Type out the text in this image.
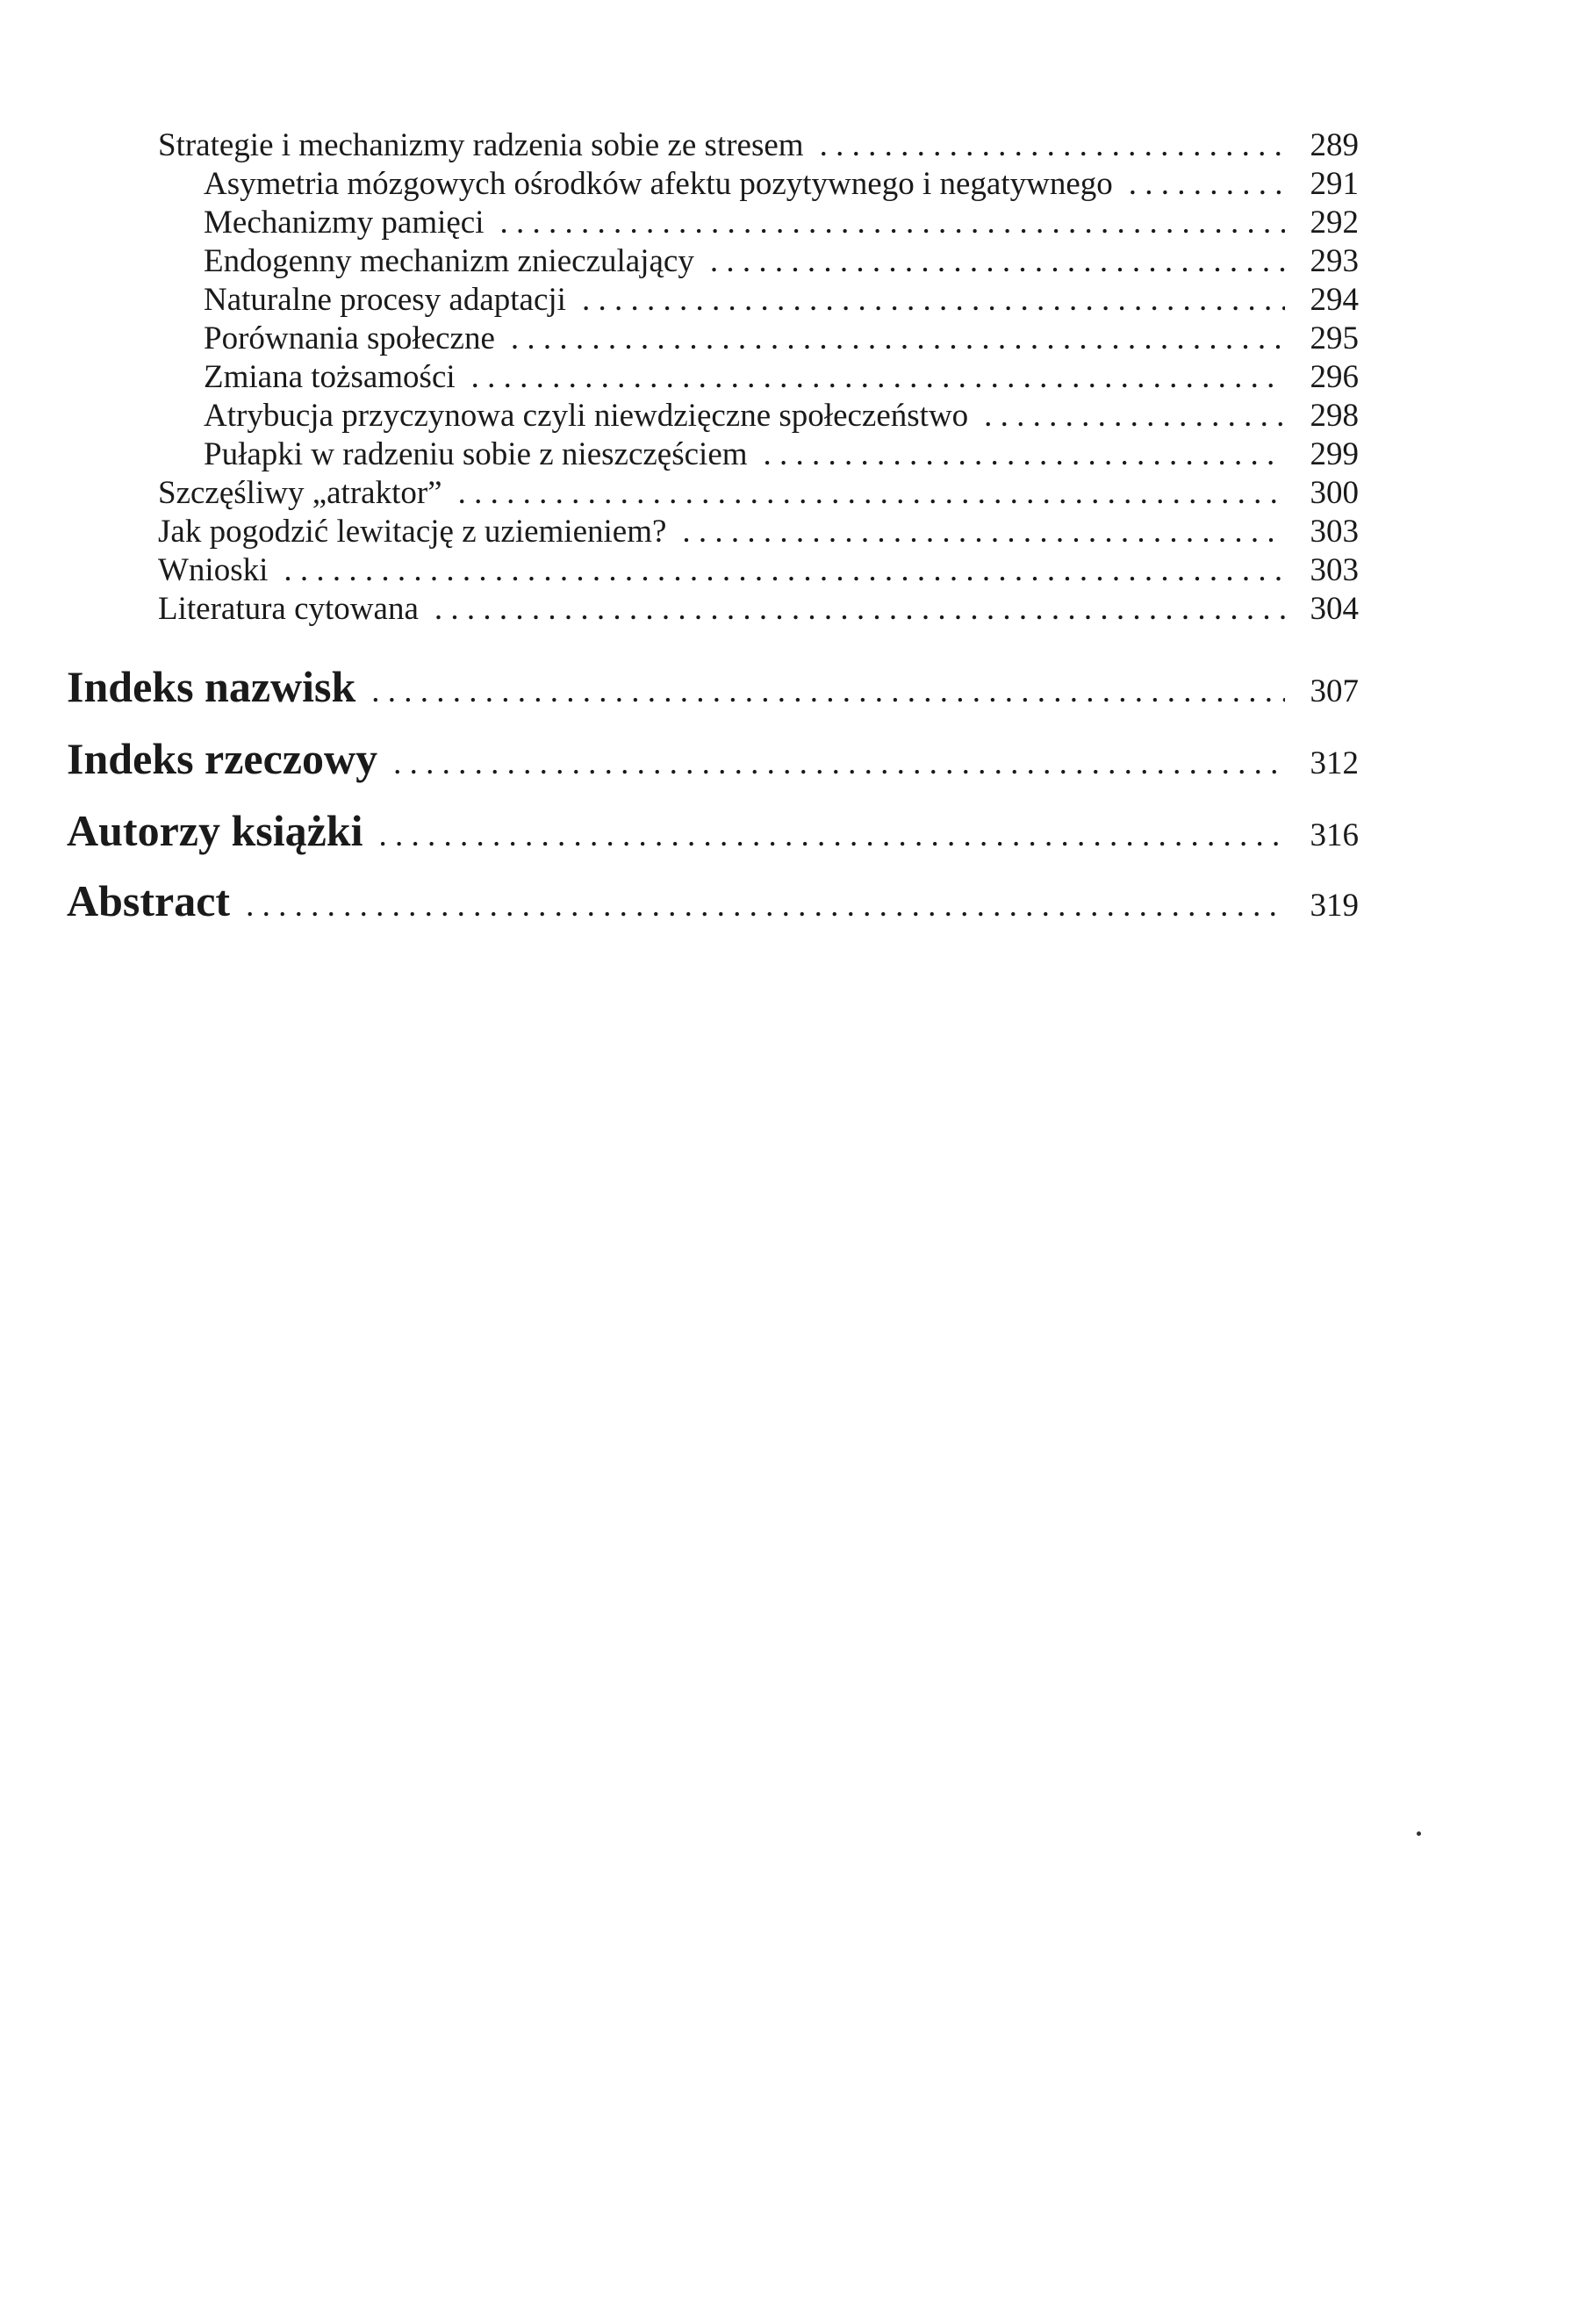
Strategie i mechanizmy radzenia sobie ze stresem . . .	289
Asymetria mózgowych ośrodków afektu pozytywnego i negatywnego . . .	291
Mechanizmy pamięci . . .	292
Endogenny mechanizm znieczulający . . .	293
Naturalne procesy adaptacji . . .	294
Porównania społeczne . . .	295
Zmiana tożsamości . . .	296
Atrybucja przyczynowa czyli niewdzięczne społeczeństwo . . .	298
Pułapki w radzeniu sobie z nieszczęściem . . .	299
Szczęśliwy „atraktor” . . .	300
Jak pogodzić lewitację z uziemieniem? . . .	303
Wnioski . . .	303
Literatura cytowana . . .	304
Indeks nazwisk . . .	307
Indeks rzeczowy . . .	312
Autorzy książki . . .	316
Abstract . . .	319
